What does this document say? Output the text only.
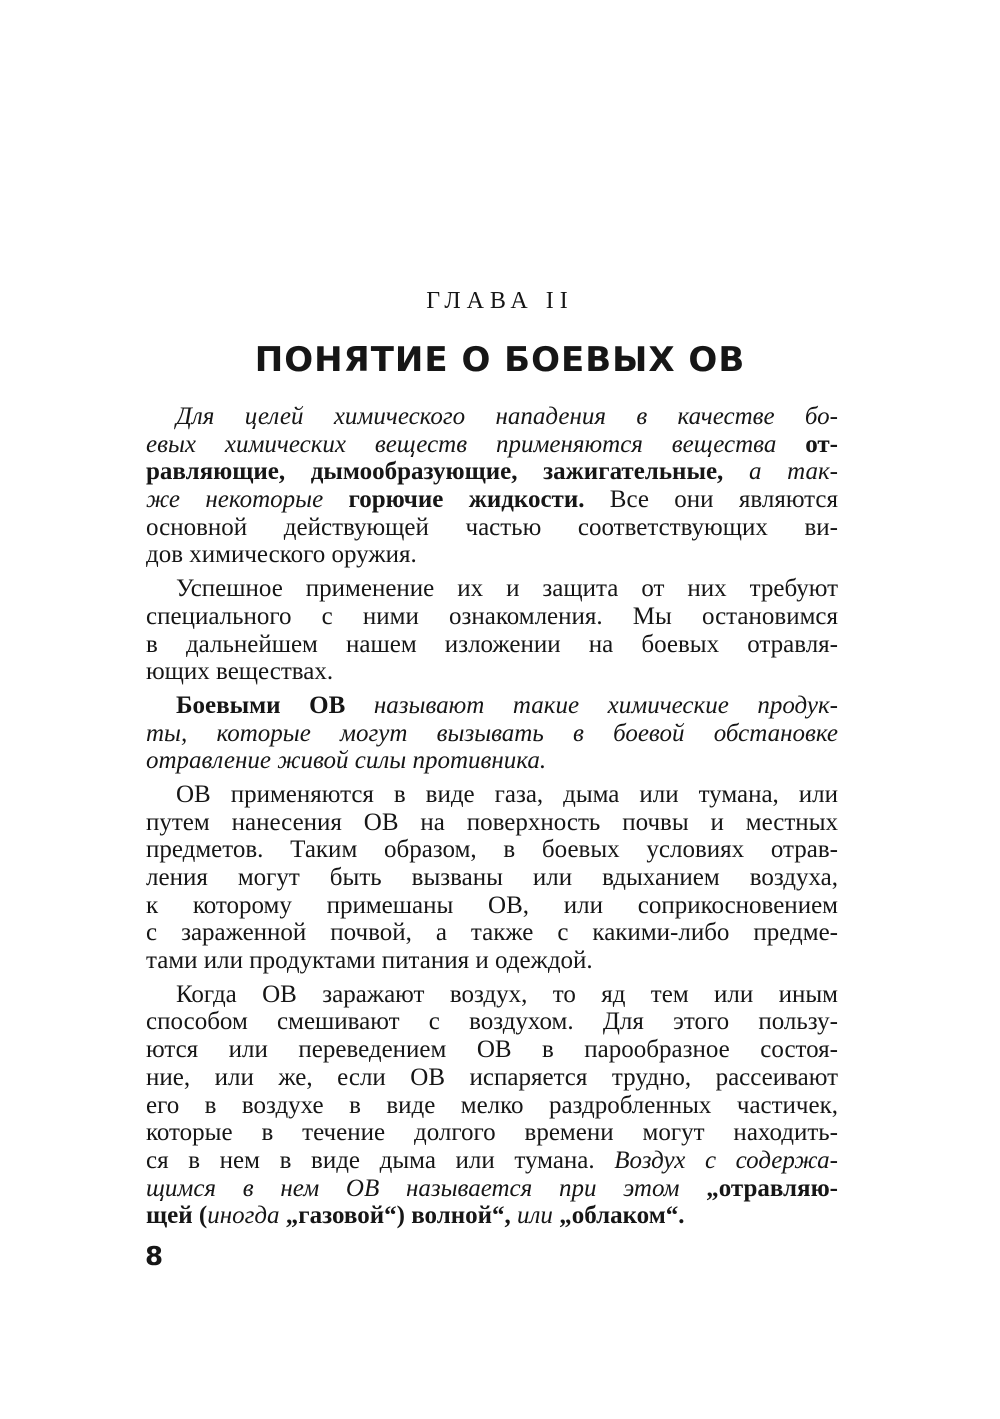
ГЛАВА II
ПОНЯТИЕ О БОЕВЫХ ОВ
Для целей химического нападения в качестве бо-
евых химических веществ применяются вещества от-
равляющие, дымообразующие, зажигательные, а так-
же некоторые горючие жидкости. Все они являются
основной действующей частью соответствующих ви-
дов химического оружия.
Успешное применение их и защита от них требуют
специального с ними ознакомления. Мы остановимся
в дальнейшем нашем изложении на боевых отравля-
ющих веществах.
Боевыми ОВ называют такие химические продук-
ты, которые могут вызывать в боевой обстановке
отравление живой силы противника.
ОВ применяются в виде газа, дыма или тумана, или
путем нанесения ОВ на поверхность почвы и местных
предметов. Таким образом, в боевых условиях отрав-
ления могут быть вызваны или вдыханием воздуха,
к которому примешаны ОВ, или соприкосновением
с зараженной почвой, а также с какими-либо предме-
тами или продуктами питания и одеждой.
Когда ОВ заражают воздух, то яд тем или иным
способом смешивают с воздухом. Для этого пользу-
ются или переведением ОВ в парообразное состоя-
ние, или же, если ОВ испаряется трудно, рассеивают
его в воздухе в виде мелко раздробленных частичек,
которые в течение долгого времени могут находить-
ся в нем в виде дыма или тумана. Воздух с содержа-
щимся в нем ОВ называется при этом „отравляю-
щей (иногда „газовой“) волной“, или „облаком“.
8
